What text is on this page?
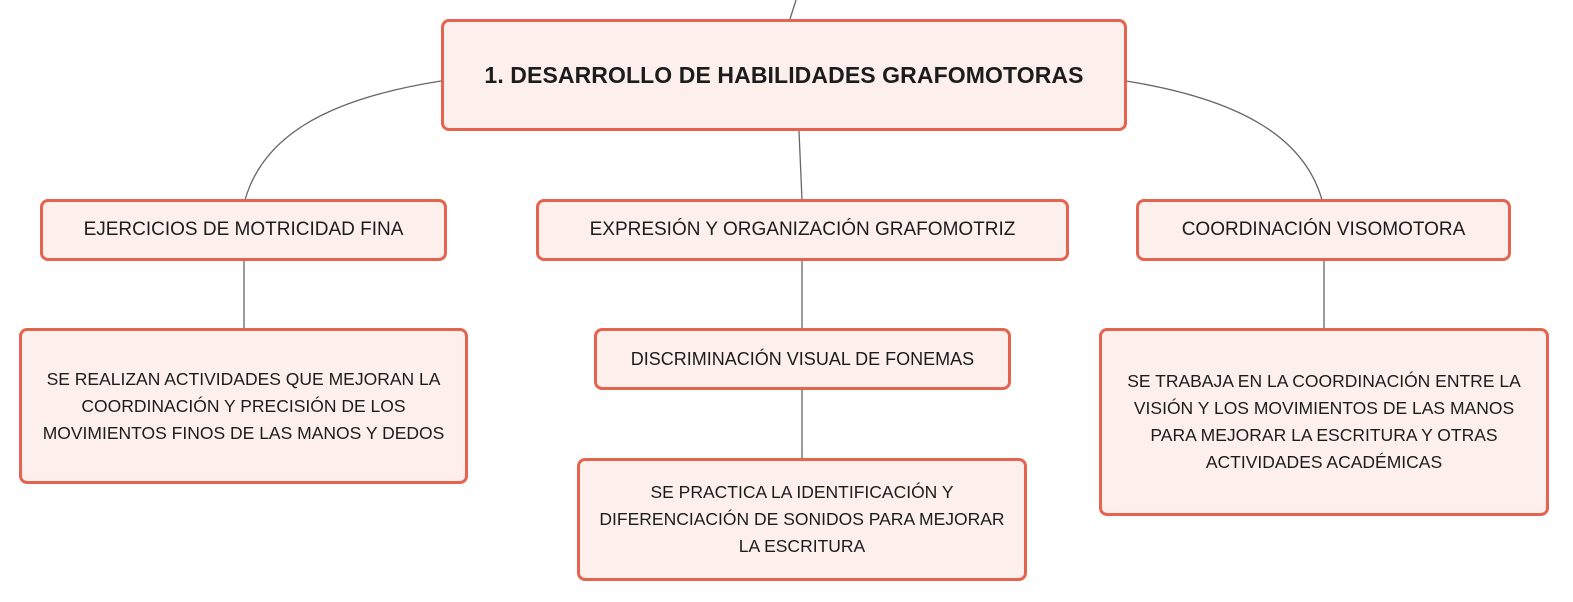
1. DESARROLLO DE HABILIDADES GRAFOMOTORAS
EJERCICIOS DE MOTRICIDAD FINA	EXPRESIÓN Y ORGANIZACIÓN GRAFOMOTRIZ	COORDINACIÓN VISOMOTORA
SE REALIZAN ACTIVIDADES QUE MEJORAN LA COORDINACIÓN Y PRECISIÓN DE LOS MOVIMIENTOS FINOS DE LAS MANOS Y DEDOS
DISCRIMINACIÓN VISUAL DE FONEMAS
SE PRACTICA LA IDENTIFICACIÓN Y DIFERENCIACIÓN DE SONIDOS PARA MEJORAR LA ESCRITURA
SE TRABAJA EN LA COORDINACIÓN ENTRE LA VISIÓN Y LOS MOVIMIENTOS DE LAS MANOS PARA MEJORAR LA ESCRITURA Y OTRAS ACTIVIDADES ACADÉMICAS
